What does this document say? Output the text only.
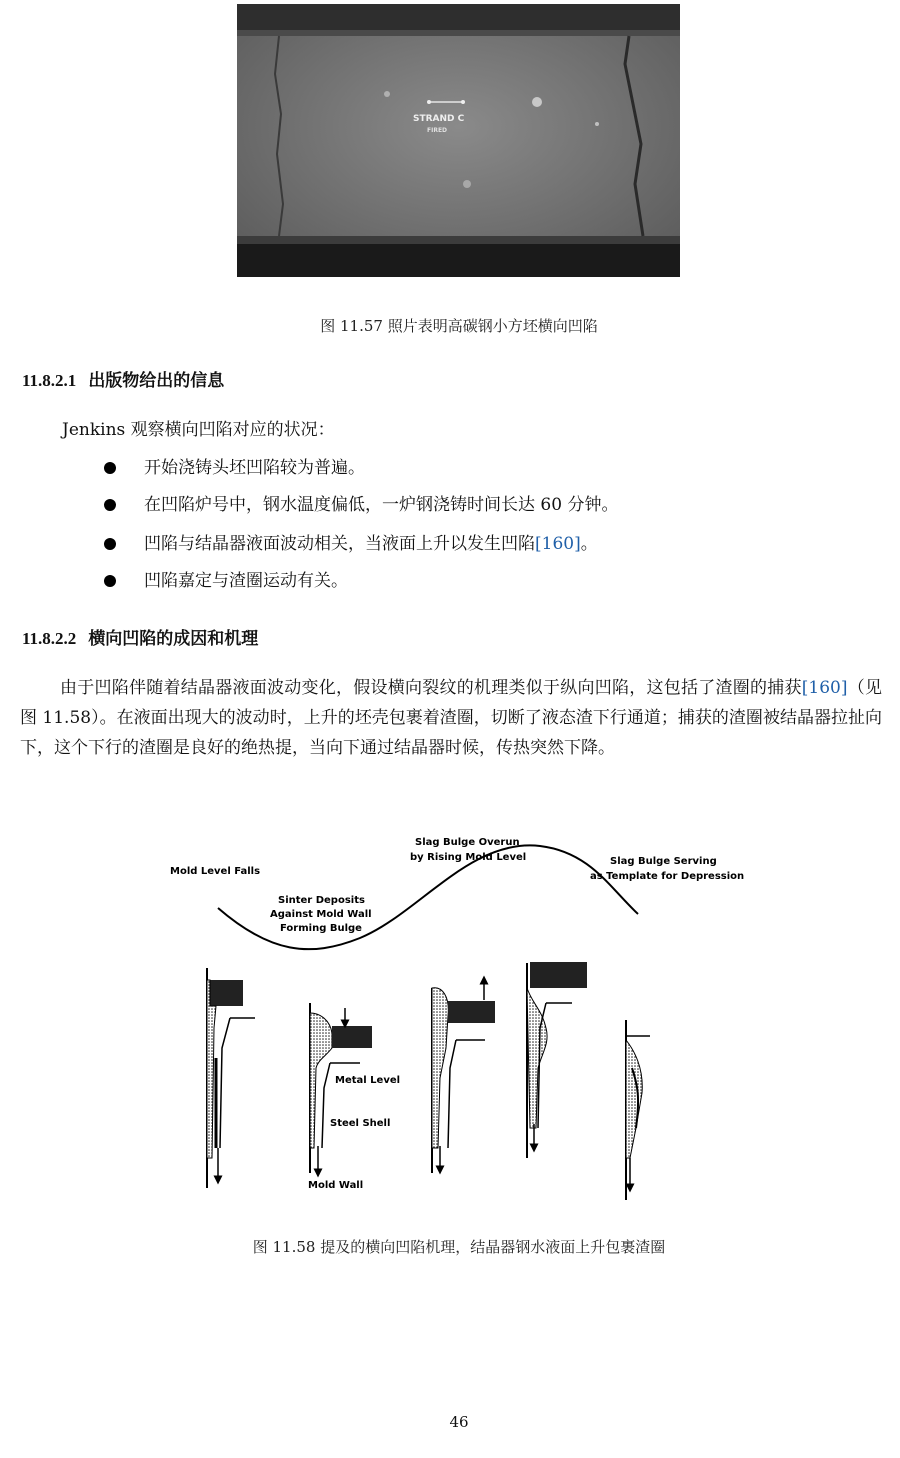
STRAND C
FIRED
图 11.57 照片表明高碳钢小方坯横向凹陷
11.8.2.1 出版物给出的信息
Jenkins 观察横向凹陷对应的状况：
开始浇铸头坯凹陷较为普遍。
在凹陷炉号中，钢水温度偏低，一炉钢浇铸时间长达 60 分钟。
凹陷与结晶器液面波动相关，当液面上升以发生凹陷[160]。
凹陷嘉定与渣圈运动有关。
11.8.2.2 横向凹陷的成因和机理
由于凹陷伴随着结晶器液面波动变化，假设横向裂纹的机理类似于纵向凹陷，这包括了渣圈的捕获[160]（见图 11.58）。在液面出现大的波动时，上升的坯壳包裹着渣圈，切断了液态渣下行通道；捕获的渣圈被结晶器拉扯向下，这个下行的渣圈是良好的绝热提，当向下通过结晶器时候，传热突然下降。
Mold Level Falls
Sinter Deposits
Against Mold Wall
Forming Bulge
Slag Bulge Overun
by Rising Mold Level	Slag Bulge Serving
as Template for Depression
Metal Level
Steel Shell
Mold Wall
图 11.58 提及的横向凹陷机理，结晶器钢水液面上升包裹渣圈
46
